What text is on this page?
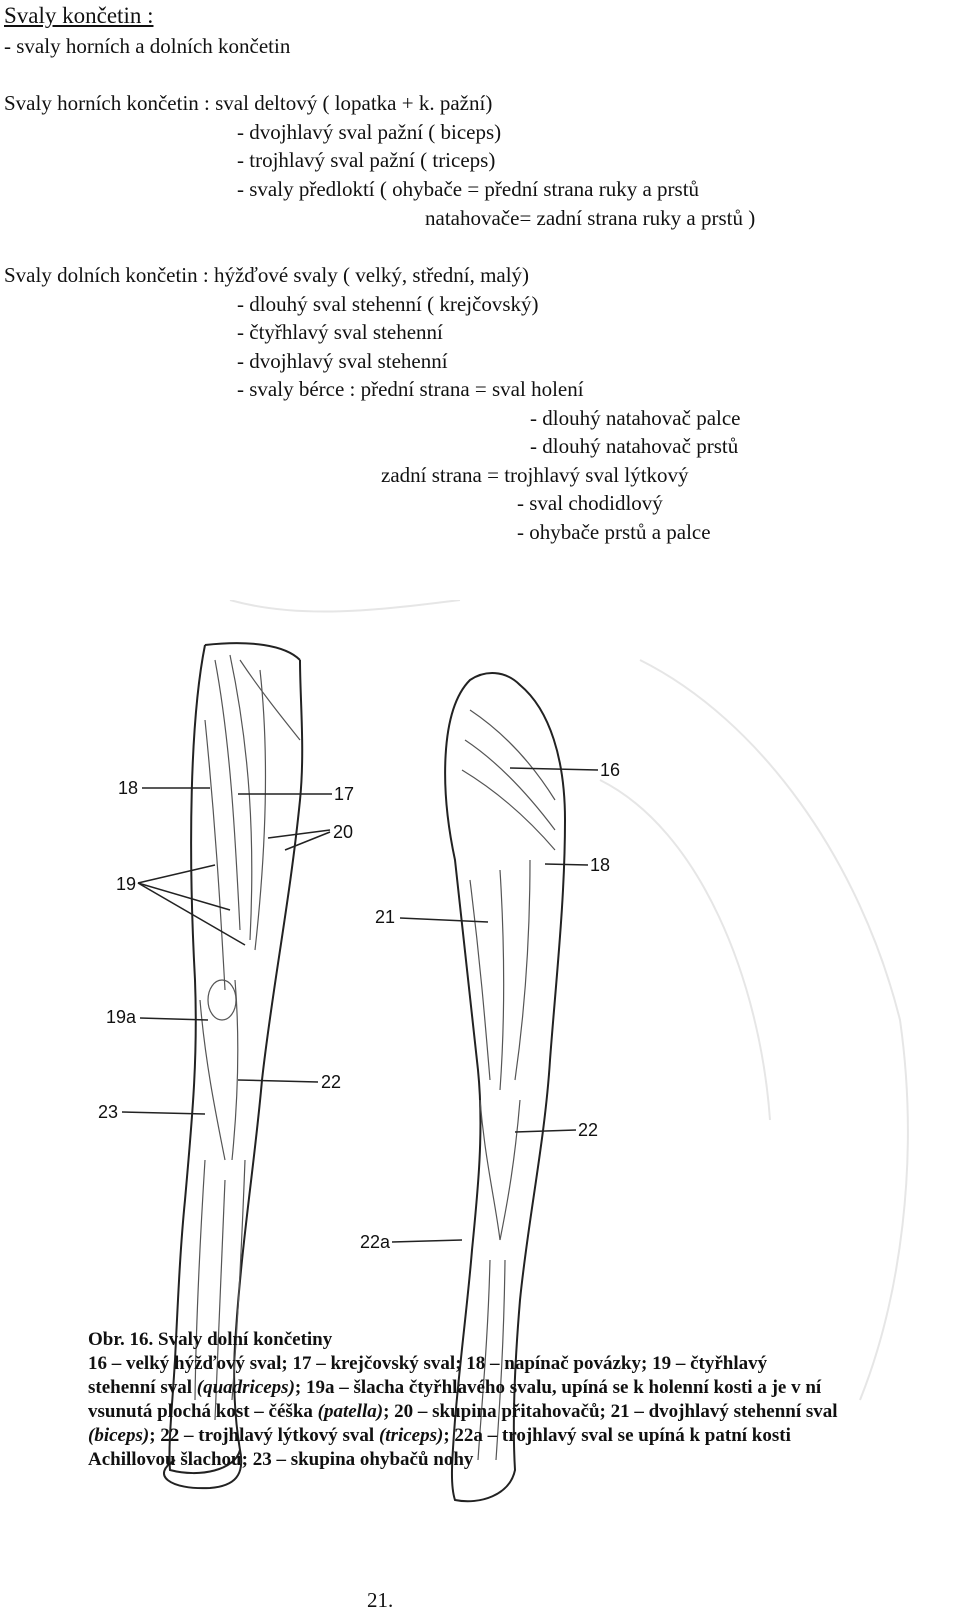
Svaly končetin :
- svaly horních a dolních končetin
Svaly horních končetin : sval deltový ( lopatka + k. pažní)
- dvojhlavý sval pažní ( biceps)
- trojhlavý sval pažní ( triceps)
- svaly předloktí ( ohybače = přední strana ruky a prstů
natahovače= zadní strana ruky a prstů )
Svaly dolních končetin : hýžďové svaly ( velký, střední, malý)
- dlouhý sval stehenní ( krejčovský)
- čtyřhlavý sval stehenní
- dvojhlavý sval stehenní
- svaly bérce : přední strana = sval holení
- dlouhý natahovač palce
- dlouhý natahovač prstů
zadní strana = trojhlavý sval lýtkový
- sval chodidlový
- ohybače prstů a palce
18	17
20
19
19a
22
23
16
18
21
22
22a
Obr. 16. Svaly dolní končetiny
16 – velký hýžďový sval; 17 – krejčovský sval; 18 – napínač povázky; 19 – čtyřhlavý
stehenní sval (quadriceps); 19a – šlacha čtyřhlavého svalu, upíná se k holenní kosti a je v ní
vsunutá plochá kost – čéška (patella); 20 – skupina přitahovačů; 21 – dvojhlavý stehenní sval
(biceps); 22 – trojhlavý lýtkový sval (triceps); 22a – trojhlavý sval se upíná k patní kosti
Achillovou šlachou; 23 – skupina ohybačů nohy
21.
